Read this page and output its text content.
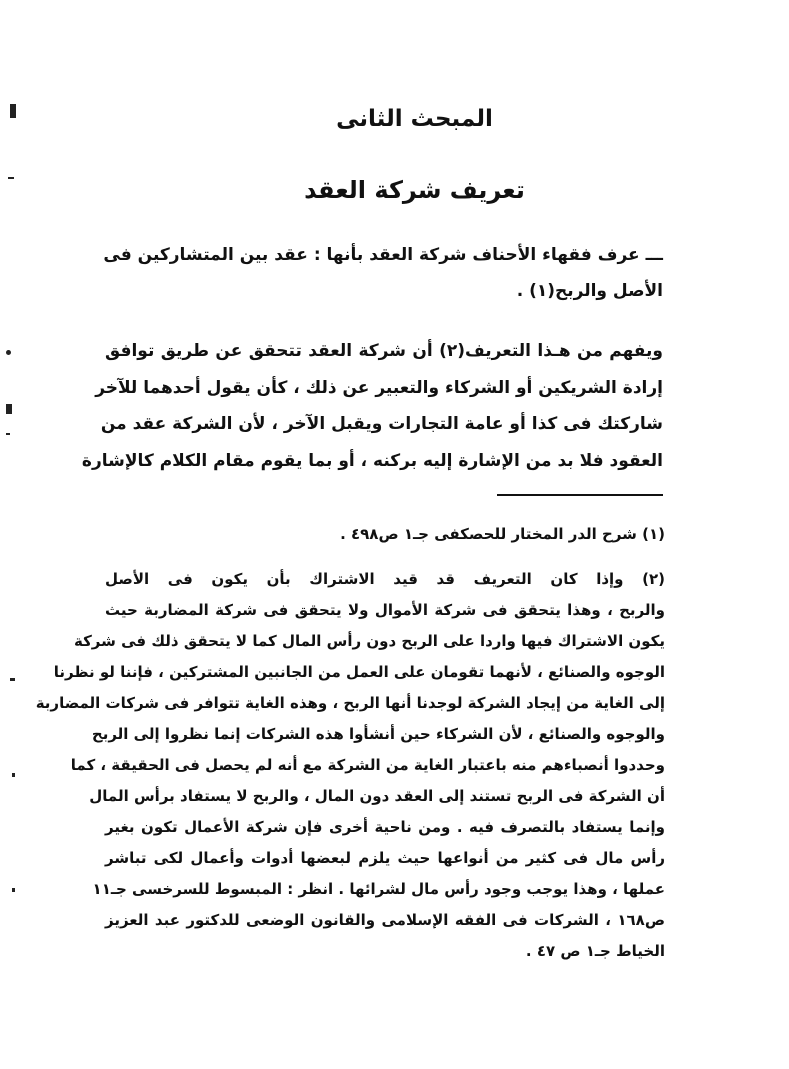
المبحث الثانى
تعريف شركة العقد

ـــ عرف فقهاء الأحناف شركة العقد بأنها : عقد بين المتشاركين فى

الأصل والربح(١) .

ويفهم من هـذا التعريف(٢) أن شركة العقد تتحقق عن طريق توافق

إرادة الشريكين أو الشركاء والتعبير عن ذلك ، كأن يقول أحدهما للآخر

شاركتك فى كذا أو عامة التجارات ويقبل الآخر ، لأن الشركة عقد من

العقود فلا بد من الإشارة إليه بركنه ، أو بما يقوم مقام الكلام كالإشارة

(١) شرح الدر المختار للحصكفى جـ١ ص٤٩٨ .

(٢) وإذا كان التعريف قد قيد الاشتراك بأن يكون فى الأصل

والربح ، وهذا يتحقق فى شركة الأموال ولا يتحقق فى شركة المضاربة حيث

يكون الاشتراك فيها واردا على الربح دون رأس المال كما لا يتحقق ذلك فى شركة

الوجوه والصنائع ، لأنهما تقومان على العمل من الجانبين المشتركين ، فإننا لو نظرنا

إلى الغاية من إيجاد الشركة لوجدنا أنها الربح ، وهذه الغاية تتوافر فى شركات المضاربة

والوجوه والصنائع ، لأن الشركاء حين أنشأوا هذه الشركات إنما نظروا إلى الربح

وحددوا أنصباءهم منه باعتبار الغاية من الشركة مع أنه لم يحصل فى الحقيقة ، كما

أن الشركة فى الربح تستند إلى العقد دون المال ، والربح لا يستفاد برأس المال

وإنما يستفاد بالتصرف فيه . ومن ناحية أخرى فإن شركة الأعمال تكون بغير

رأس مال فى كثير من أنواعها حيث يلزم لبعضها أدوات وأعمال لكى تباشر

عملها ، وهذا يوجب وجود رأس مال لشرائها . انظر : المبسوط للسرخسى جـ١١

ص١٦٨ ، الشركات فى الفقه الإسلامى والقانون الوضعى للدكتور عبد العزيز

الخياط جـ١ ص ٤٧ .
